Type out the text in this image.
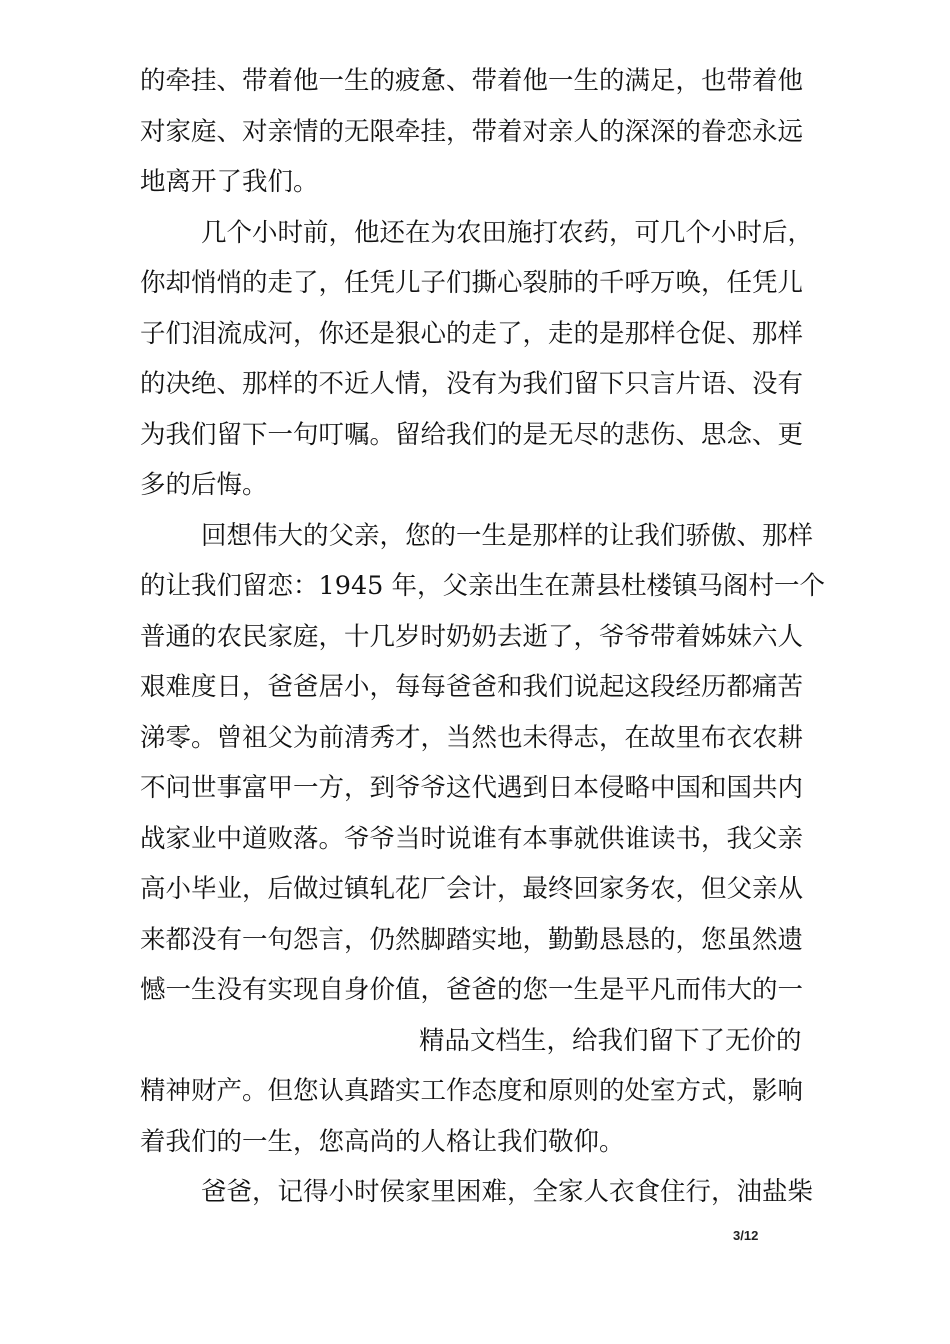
的牵挂、带着他一生的疲惫、带着他一生的满足，也带着他
对家庭、对亲情的无限牵挂，带着对亲人的深深的眷恋永远
地离开了我们。
几个小时前，他还在为农田施打农药，可几个小时后，
你却悄悄的走了，任凭儿子们撕心裂肺的千呼万唤，任凭儿
子们泪流成河，你还是狠心的走了，走的是那样仓促、那样
的决绝、那样的不近人情，没有为我们留下只言片语、没有
为我们留下一句叮嘱。留给我们的是无尽的悲伤、思念、更
多的后悔。
回想伟大的父亲，您的一生是那样的让我们骄傲、那样
的让我们留恋：1945 年，父亲出生在萧县杜楼镇马阁村一个
普通的农民家庭，十几岁时奶奶去逝了，爷爷带着姊妹六人
艰难度日，爸爸居小，每每爸爸和我们说起这段经历都痛苦
涕零。曾祖父为前清秀才，当然也未得志，在故里布衣农耕
不问世事富甲一方，到爷爷这代遇到日本侵略中国和国共内
战家业中道败落。爷爷当时说谁有本事就供谁读书，我父亲
高小毕业，后做过镇轧花厂会计，最终回家务农，但父亲从
来都没有一句怨言，仍然脚踏实地，勤勤恳恳的，您虽然遗
憾一生没有实现自身价值，爸爸的您一生是平凡而伟大的一
精品文档生，给我们留下了无价的
精神财产。但您认真踏实工作态度和原则的处室方式，影响
着我们的一生，您高尚的人格让我们敬仰。
爸爸，记得小时侯家里困难，全家人衣食住行，油盐柴
3/12
